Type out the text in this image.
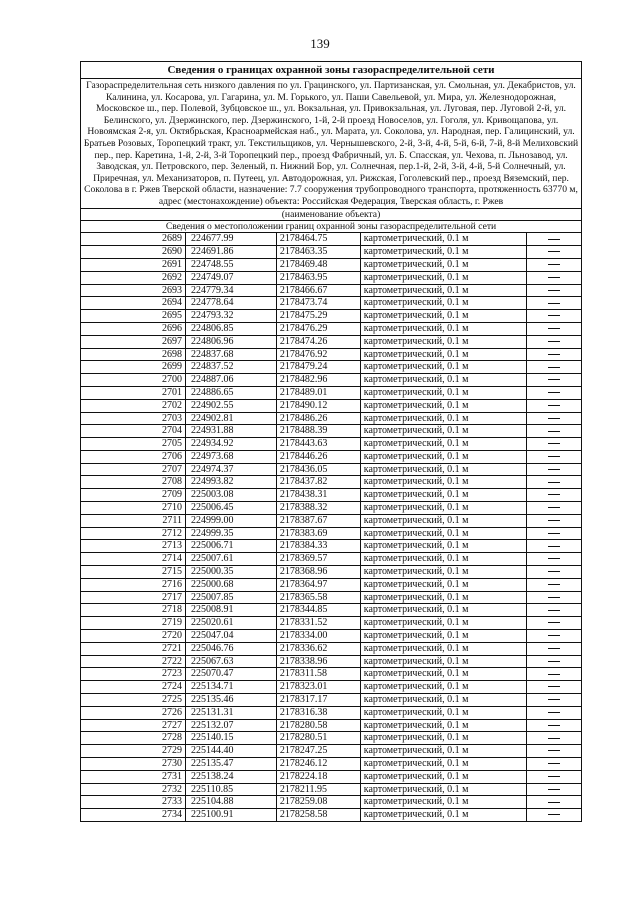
139
Сведения о границах охранной зоны газораспределительной сети				
Газораспределительная сеть низкого давления по ул. Грацинского, ул. Партизанская, ул. Смольная, ул. Декабристов, ул. Калинина, ул. Косарова, ул. Гагарина, ул. М. Горького, ул. Паши Савельевой, ул. Мира, ул. Железнодорожная, Московское ш., пер. Полевой, Зубцовское ш., ул. Вокзальная, ул. Привокзальная, ул. Луговая, пер. Луговой 2-й, ул. Белинского, ул. Дзержинского, пер. Дзержинского, 1-й, 2-й проезд Новоселов, ул. Гоголя, ул. Кривощапова, ул. Новоямская 2-я, ул. Октябрьская, Красноармейская наб., ул. Марата, ул. Соколова, ул. Народная, пер. Галицинский, ул. Братьев Розовых, Торопецкий тракт, ул. Текстильщиков, ул. Чернышевского, 2-й, 3-й, 4-й, 5-й, 6-й, 7-й, 8-й Мелиховский пер., пер. Каретина, 1-й, 2-й, 3-й Торопецкий пер., проезд Фабричный, ул. Б. Спасская, ул. Чехова, п. Льнозавод, ул. Заводская, ул. Петровского, пер. Зеленый, п. Нижний Бор, ул. Солнечная, пер.1-й, 2-й, 3-й, 4-й, 5-й Солнечный, ул. Приречная, ул. Механизаторов, п. Путеец, ул. Автодорожная, ул. Рижская, Гоголевский пер., проезд Вяземский, пер. Соколова в г. Ржев Тверской области, назначение: 7.7 сооружения трубопроводного транспорта, протяженность 63770 м, адрес (местонахождение) объекта: Российская Федерация, Тверская область, г. Ржев				
(наименование объекта)				
Сведения о местоположении границ охранной зоны газораспределительной сети				
2689	224677.99	2178464.75	картометрический, 0.1 м	
2690	224691.86	2178463.35	картометрический, 0.1 м	
2691	224748.55	2178469.48	картометрический, 0.1 м	
2692	224749.07	2178463.95	картометрический, 0.1 м	
2693	224779.34	2178466.67	картометрический, 0.1 м	
2694	224778.64	2178473.74	картометрический, 0.1 м	
2695	224793.32	2178475.29	картометрический, 0.1 м	
2696	224806.85	2178476.29	картометрический, 0.1 м	
2697	224806.96	2178474.26	картометрический, 0.1 м	
2698	224837.68	2178476.92	картометрический, 0.1 м	
2699	224837.52	2178479.24	картометрический, 0.1 м	
2700	224887.06	2178482.96	картометрический, 0.1 м	
2701	224886.65	2178489.01	картометрический, 0.1 м	
2702	224902.55	2178490.12	картометрический, 0.1 м	
2703	224902.81	2178486.26	картометрический, 0.1 м	
2704	224931.88	2178488.39	картометрический, 0.1 м	
2705	224934.92	2178443.63	картометрический, 0.1 м	
2706	224973.68	2178446.26	картометрический, 0.1 м	
2707	224974.37	2178436.05	картометрический, 0.1 м	
2708	224993.82	2178437.82	картометрический, 0.1 м	
2709	225003.08	2178438.31	картометрический, 0.1 м	
2710	225006.45	2178388.32	картометрический, 0.1 м	
2711	224999.00	2178387.67	картометрический, 0.1 м	
2712	224999.35	2178383.69	картометрический, 0.1 м	
2713	225006.71	2178384.33	картометрический, 0.1 м	
2714	225007.61	2178369.57	картометрический, 0.1 м	
2715	225000.35	2178368.96	картометрический, 0.1 м	
2716	225000.68	2178364.97	картометрический, 0.1 м	
2717	225007.85	2178365.58	картометрический, 0.1 м	
2718	225008.91	2178344.85	картометрический, 0.1 м	
2719	225020.61	2178331.52	картометрический, 0.1 м	
2720	225047.04	2178334.00	картометрический, 0.1 м	
2721	225046.76	2178336.62	картометрический, 0.1 м	
2722	225067.63	2178338.96	картометрический, 0.1 м	
2723	225070.47	2178311.58	картометрический, 0.1 м	
2724	225134.71	2178323.01	картометрический, 0.1 м	
2725	225135.46	2178317.17	картометрический, 0.1 м	
2726	225131.31	2178316.38	картометрический, 0.1 м	
2727	225132.07	2178280.58	картометрический, 0.1 м	
2728	225140.15	2178280.51	картометрический, 0.1 м	
2729	225144.40	2178247.25	картометрический, 0.1 м	
2730	225135.47	2178246.12	картометрический, 0.1 м	
2731	225138.24	2178224.18	картометрический, 0.1 м	
2732	225110.85	2178211.95	картометрический, 0.1 м	
2733	225104.88	2178259.08	картометрический, 0.1 м	
2734	225100.91	2178258.58	картометрический, 0.1 м	
